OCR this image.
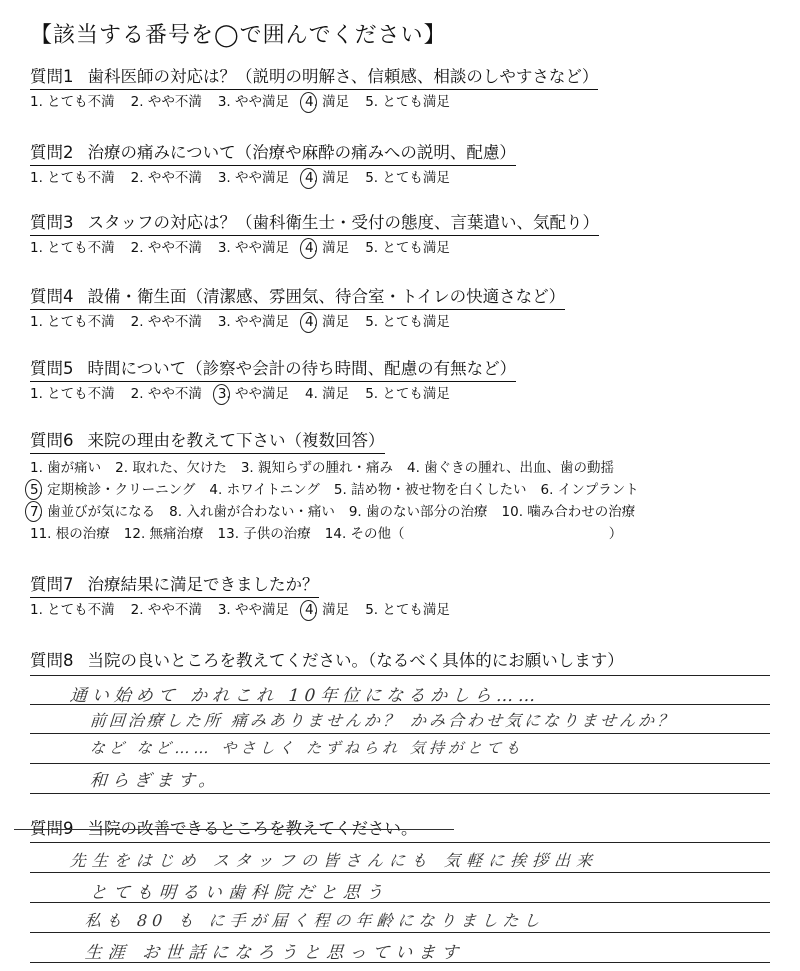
【該当する番号を◯で囲んでください】
質問1 歯科医師の対応は？（説明の明解さ、信頼感、相談のしやすさなど）
1. とても不満 2. やや不満 3. やや満足 4. 満足 5. とても満足
質問2 治療の痛みについて（治療や麻酔の痛みへの説明、配慮）
1. とても不満 2. やや不満 3. やや満足 4. 満足 5. とても満足
質問3 スタッフの対応は？（歯科衛生士・受付の態度、言葉遣い、気配り）
1. とても不満 2. やや不満 3. やや満足 4. 満足 5. とても満足
質問4 設備・衛生面（清潔感、雰囲気、待合室・トイレの快適さなど）
1. とても不満 2. やや不満 3. やや満足 4. 満足 5. とても満足
質問5 時間について（診察や会計の待ち時間、配慮の有無など）
1. とても不満 2. やや不満 3. やや満足 4. 満足 5. とても満足
質問6 来院の理由を教えて下さい（複数回答）
1. 歯が痛い 2. 取れた、欠けた 3. 親知らずの腫れ・痛み 4. 歯ぐきの腫れ、出血、歯の動揺
5. 定期検診・クリーニング 4. ホワイトニング 5. 詰め物・被せ物を白くしたい 6. インプラント
7. 歯並びが気になる 8. 入れ歯が合わない・痛い 9. 歯のない部分の治療 10. 噛み合わせの治療
11. 根の治療 12. 無痛治療 13. 子供の治療 14. その他（	）
質問7 治療結果に満足できましたか？
1. とても不満 2. やや不満 3. やや満足 4. 満足 5. とても満足
質問8 当院の良いところを教えてください。（なるべく具体的にお願いします）
通い始めて かれこれ 10年位になるかしら……
前回治療した所 痛みありませんか？ かみ合わせ気になりませんか？
など など…… やさしく たずねられ 気持がとても
和らぎます。
質問9 当院の改善できるところを教えてください。
先生をはじめ スタッフの皆さんにも 気軽に挨拶出来
とても明るい歯科院だと思う
私も 80 も に手が届く程の年齢になりましたし
生涯 お世話になろうと思っています
